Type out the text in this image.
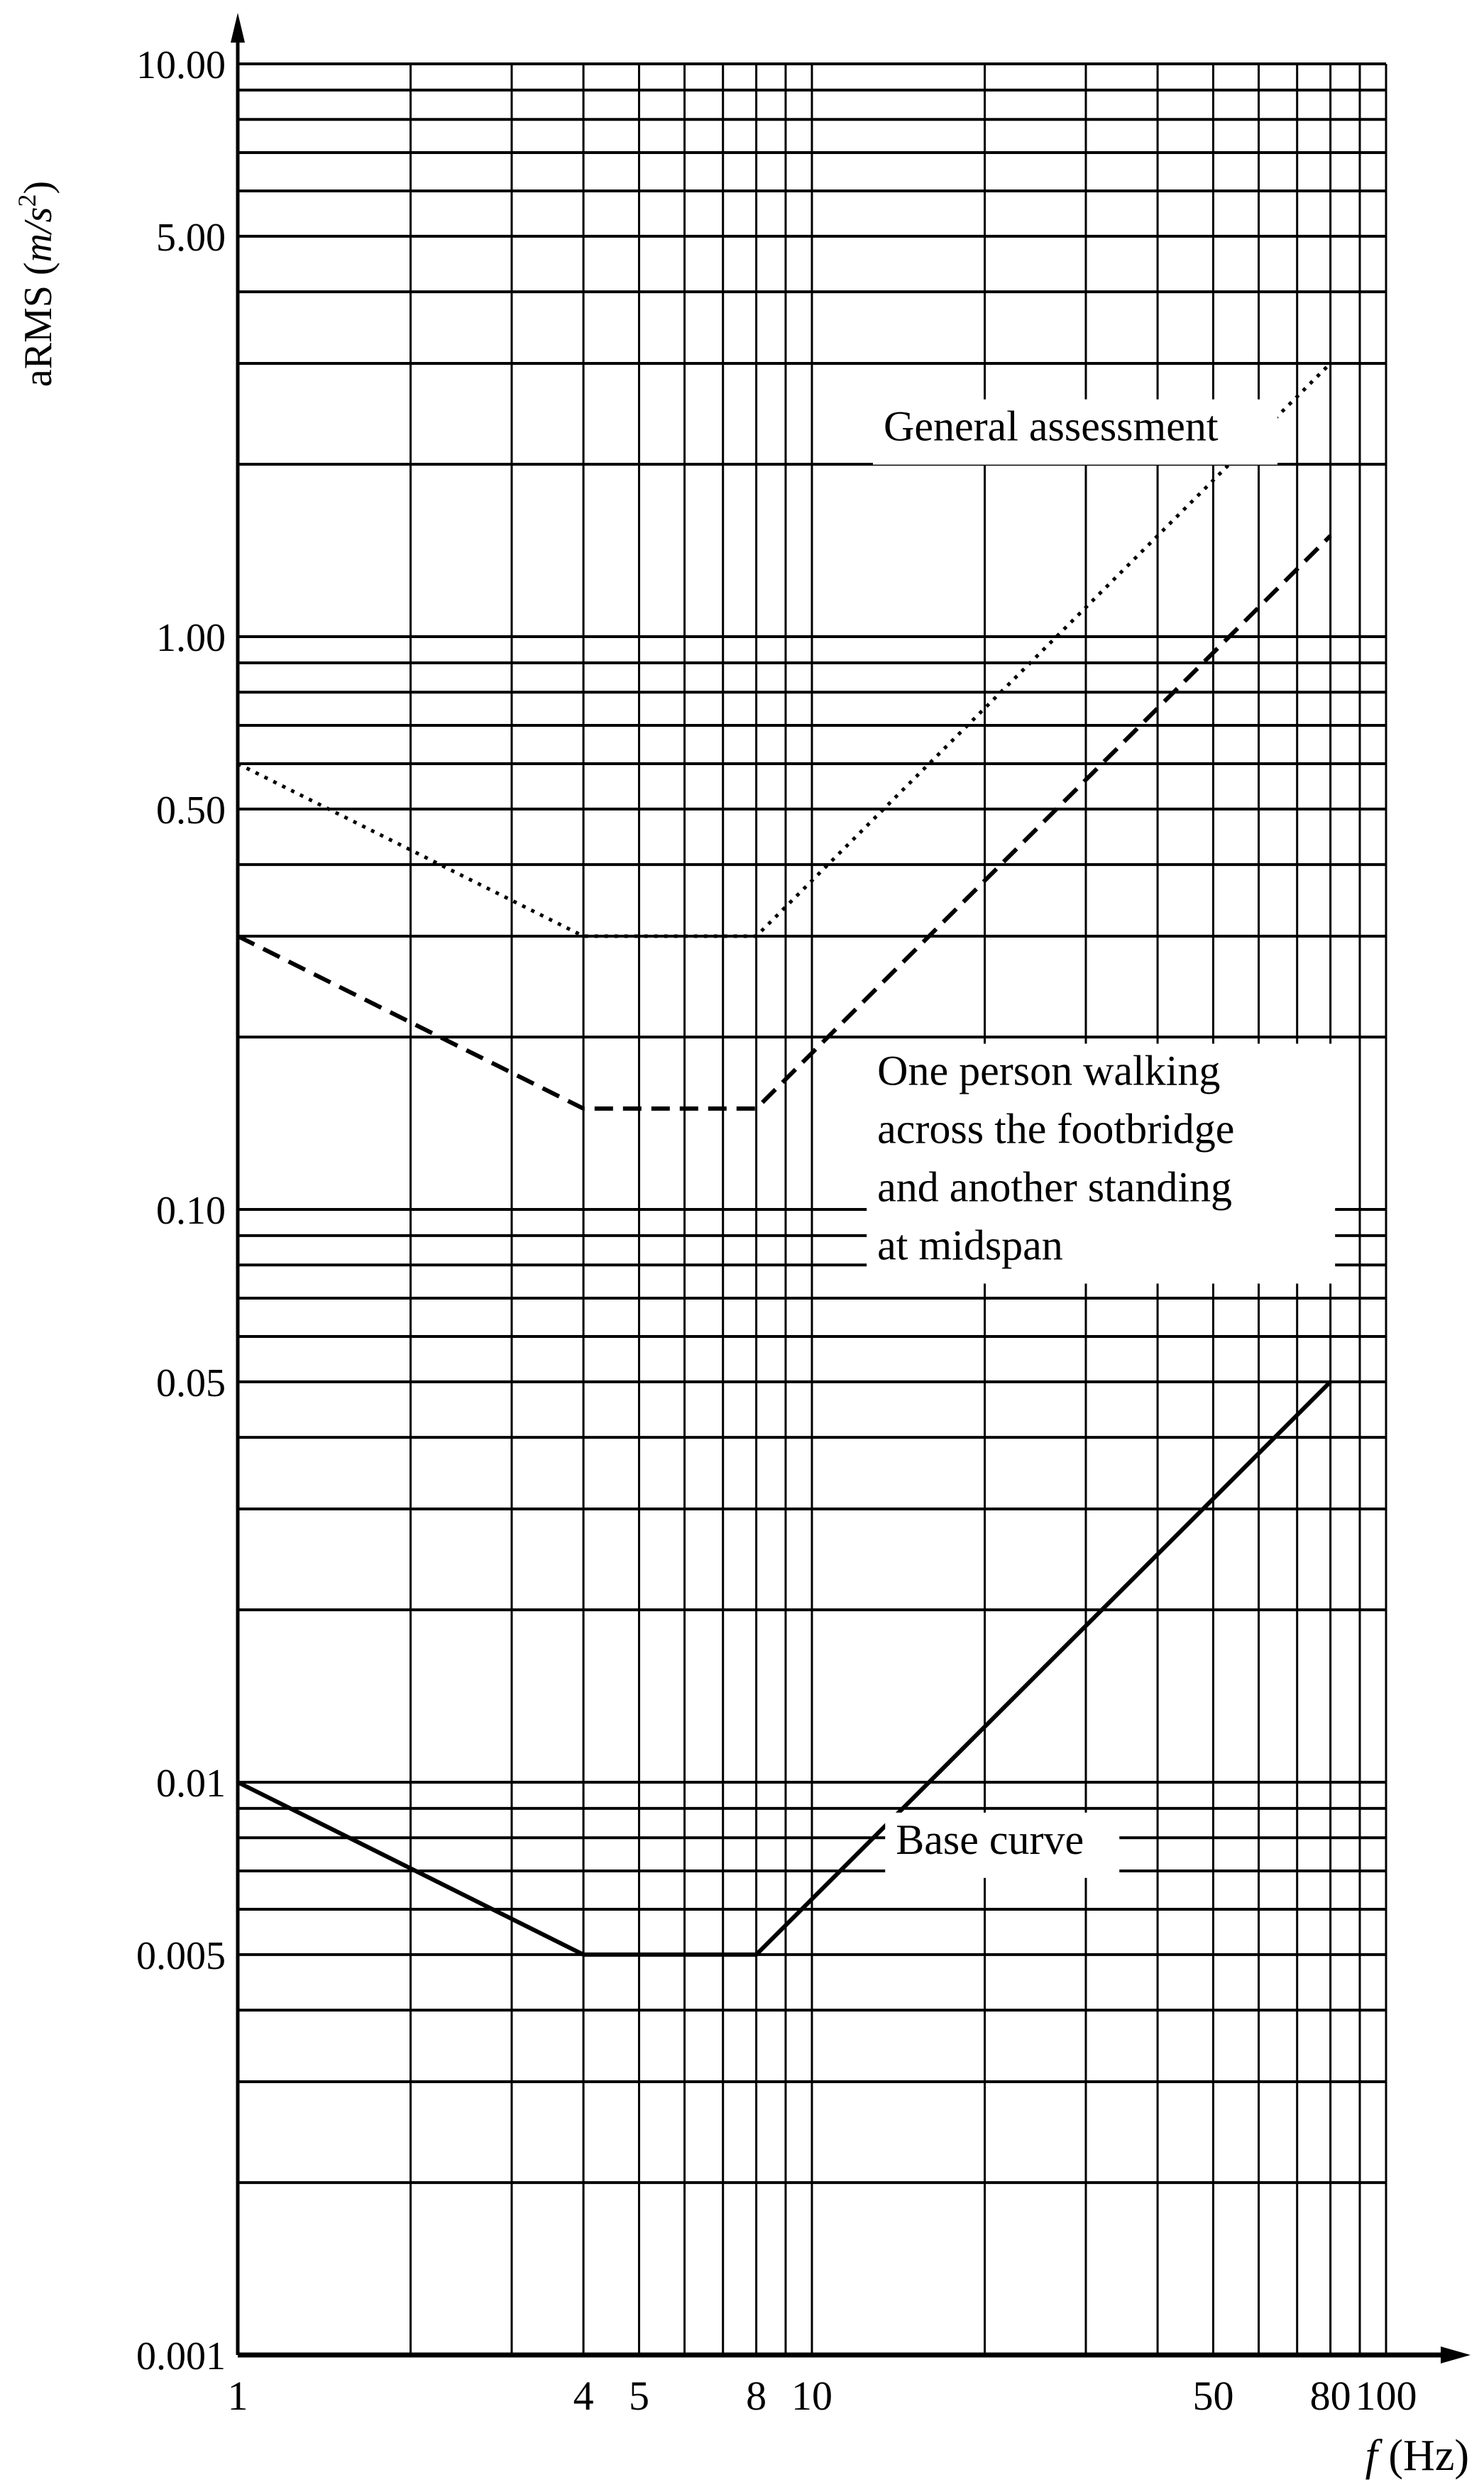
10.00
5.00
1.00
0.50
0.10
0.05
0.01
0.005
0.001
1	4 5 8 10	50 80 100
General assessment
One person walking
across the footbridge
and another standing
at midspan
Base curve
f (Hz)
aRMS $(m/s^2)$
